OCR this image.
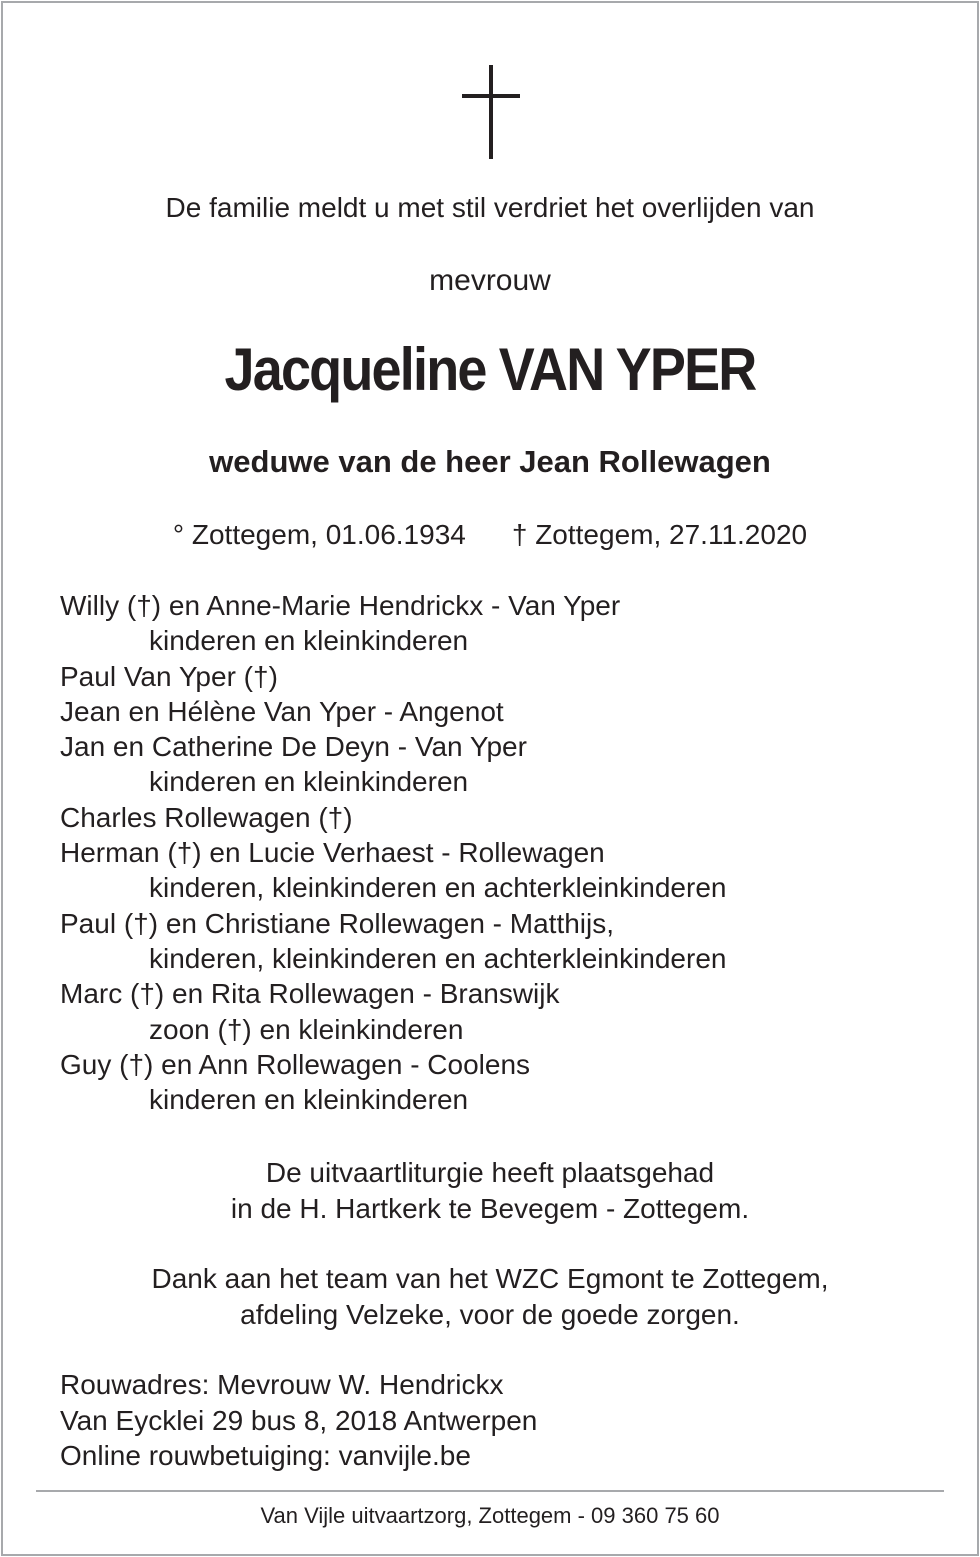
De familie meldt u met stil verdriet het overlijden van
mevrouw
Jacqueline VAN YPER
weduwe van de heer Jean Rollewagen
° Zottegem, 01.06.1934 † Zottegem, 27.11.2020
Willy (†) en Anne-Marie Hendrickx - Van Yper
kinderen en kleinkinderen
Paul Van Yper (†)
Jean en Hélène Van Yper - Angenot
Jan en Catherine De Deyn - Van Yper
kinderen en kleinkinderen
Charles Rollewagen (†)
Herman (†) en Lucie Verhaest - Rollewagen
kinderen, kleinkinderen en achterkleinkinderen
Paul (†) en Christiane Rollewagen - Matthijs,
kinderen, kleinkinderen en achterkleinkinderen
Marc (†) en Rita Rollewagen - Branswijk
zoon (†) en kleinkinderen
Guy (†) en Ann Rollewagen - Coolens
kinderen en kleinkinderen
De uitvaartliturgie heeft plaatsgehad
in de H. Hartkerk te Bevegem - Zottegem.
Dank aan het team van het WZC Egmont te Zottegem,
afdeling Velzeke, voor de goede zorgen.
Rouwadres: Mevrouw W. Hendrickx
Van Eycklei 29 bus 8, 2018 Antwerpen
Online rouwbetuiging: vanvijle.be
Van Vijle uitvaartzorg, Zottegem - 09 360 75 60
